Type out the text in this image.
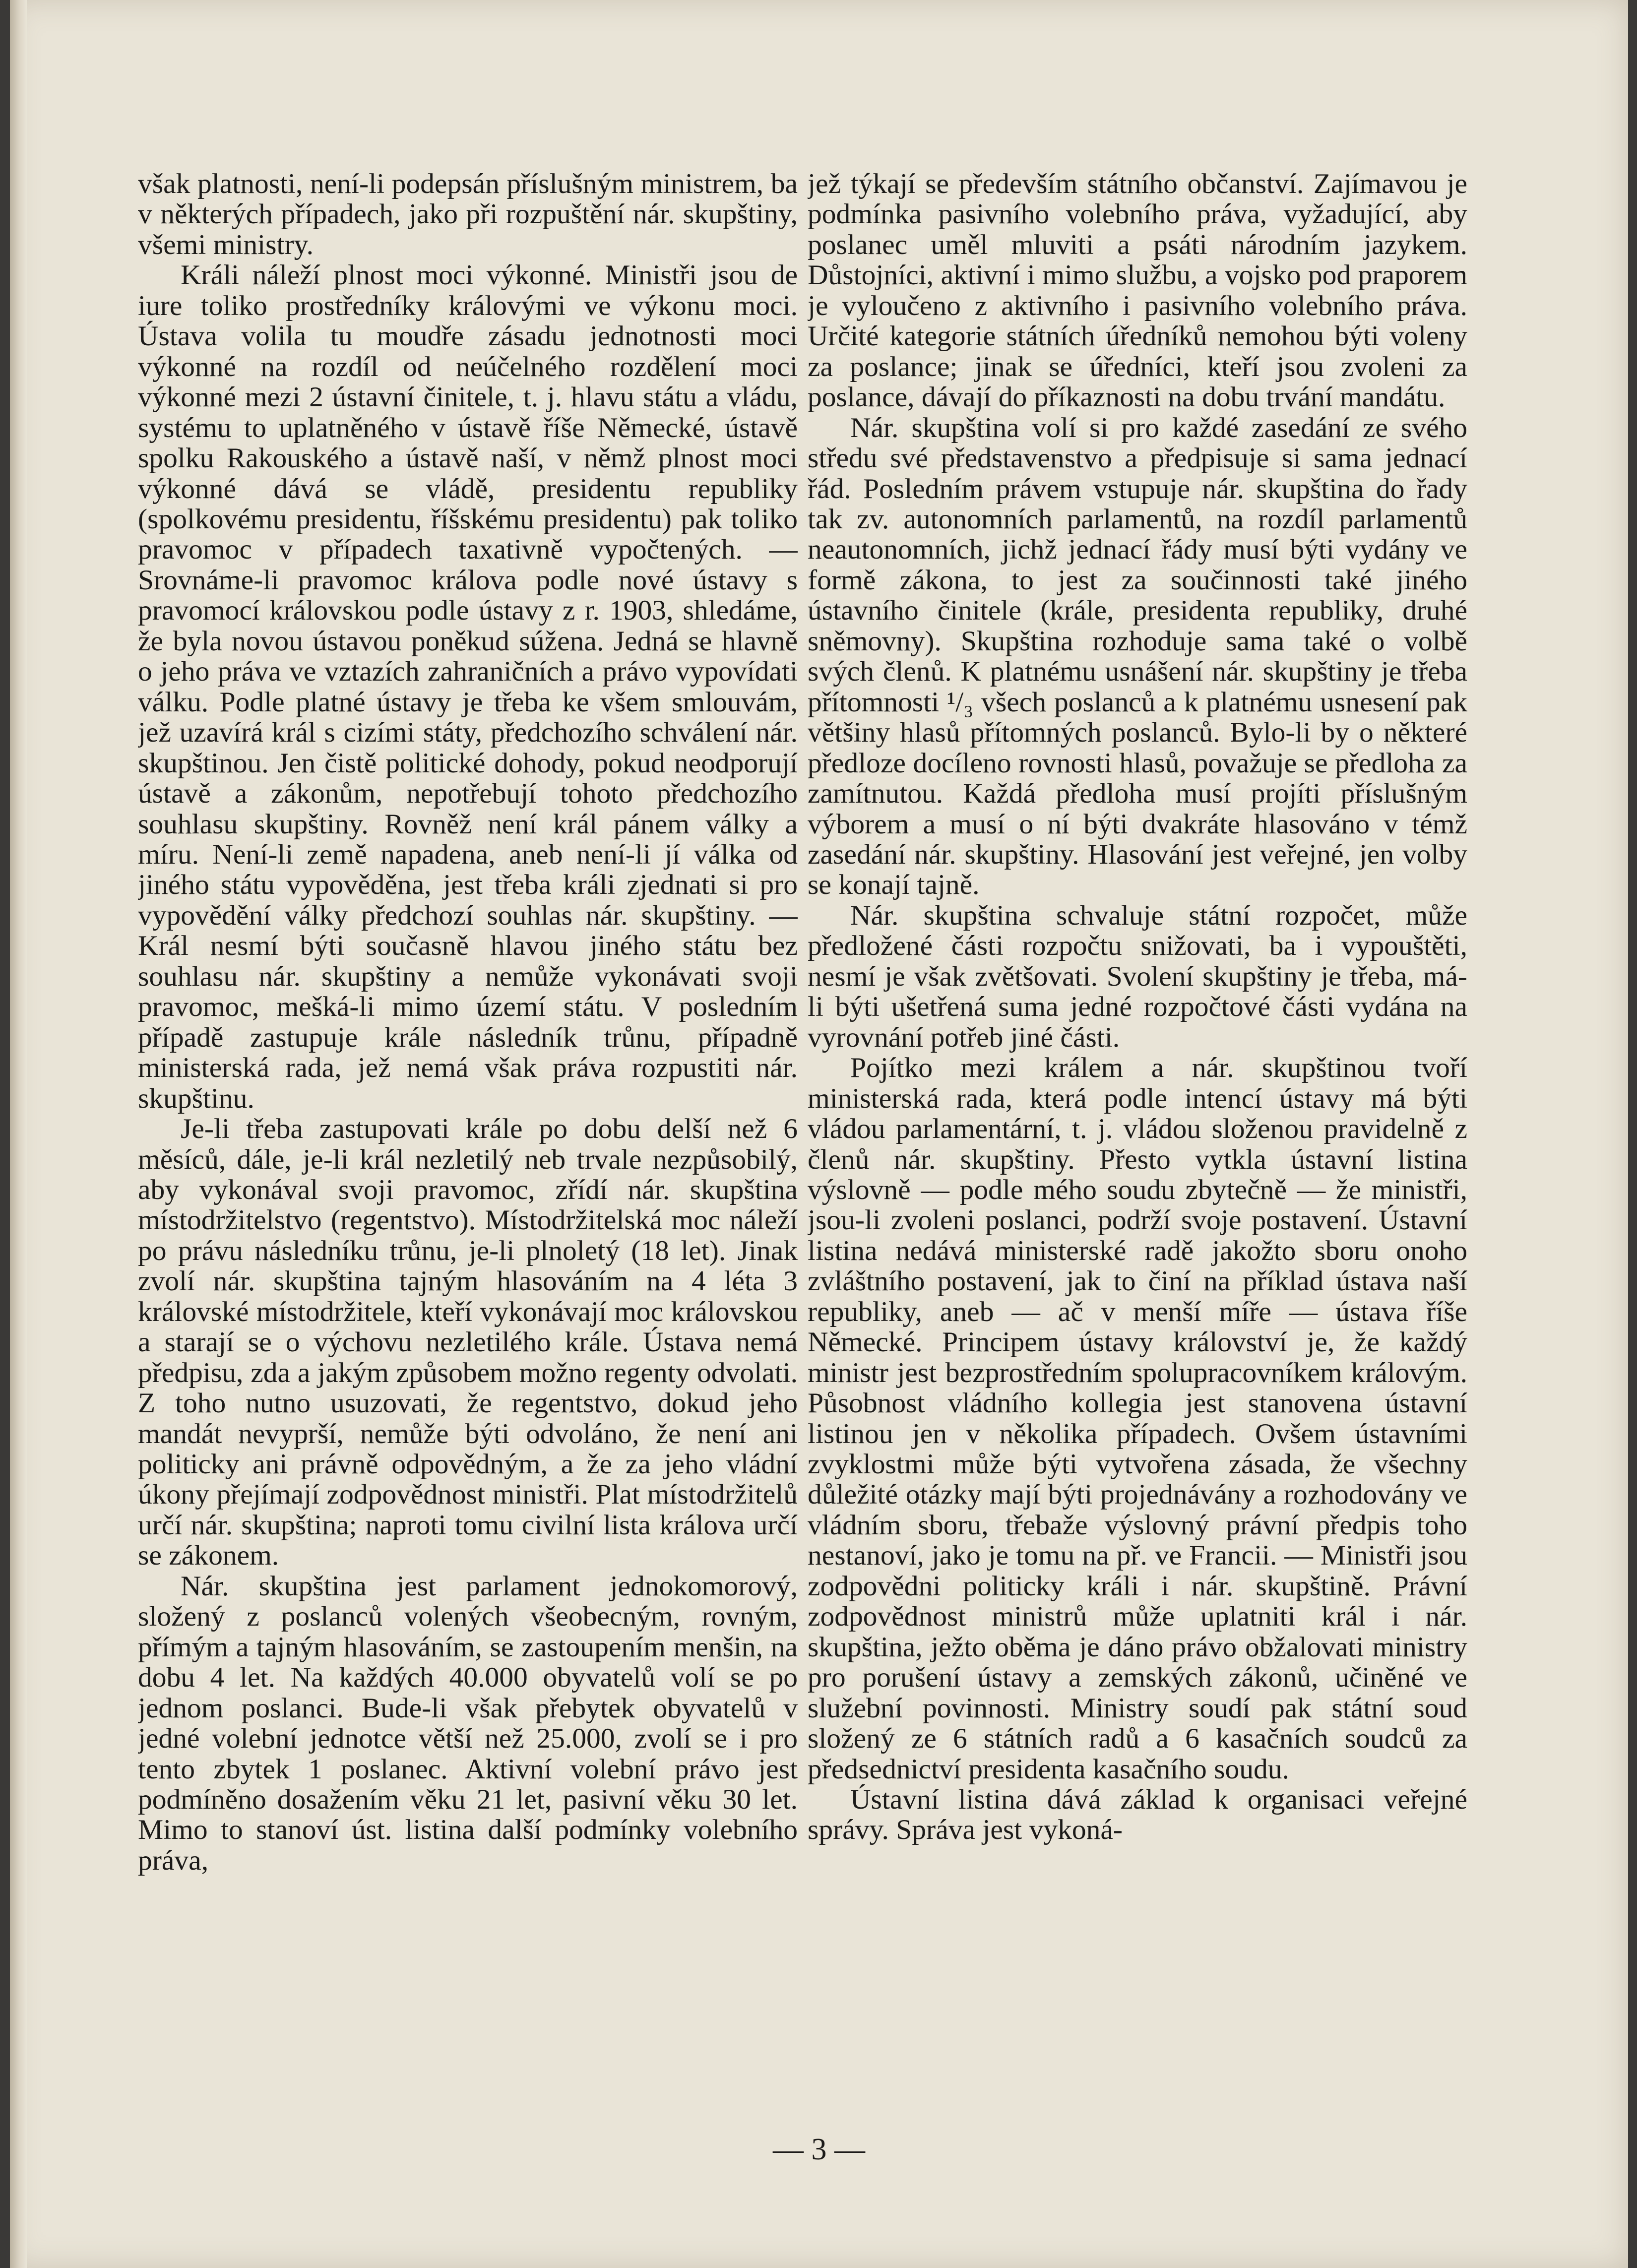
však platnosti, není-li podepsán příslušným ministrem, ba v některých případech, jako při rozpuštění nár. skupštiny, všemi ministry.

Králi náleží plnost moci výkonné. Ministři jsou de iure toliko prostředníky královými ve výkonu moci. Ústava volila tu moudře zásadu jednotnosti moci výkonné na rozdíl od neúčelného rozdělení moci výkonné mezi 2 ústavní činitele, t. j. hlavu státu a vládu, systému to uplatněného v ústavě říše Německé, ústavě spolku Rakouského a ústavě naší, v němž plnost moci výkonné dává se vládě, presidentu republiky (spolkovému presidentu, říšskému presidentu) pak toliko pravomoc v případech taxativně vypočtených. — Srovnáme-li pravomoc králova podle nové ústavy s pravomocí královskou podle ústavy z r. 1903, shledáme, že byla novou ústavou poněkud súžena. Jedná se hlavně o jeho práva ve vztazích zahraničních a právo vypovídati válku. Podle platné ústavy je třeba ke všem smlouvám, jež uzavírá král s cizími státy, předchozího schválení nár. skupštinou. Jen čistě politické dohody, pokud neodporují ústavě a zákonům, nepotřebují tohoto předchozího souhlasu skupštiny. Rovněž není král pánem války a míru. Není-li země napadena, aneb není-li jí válka od jiného státu vypověděna, jest třeba králi zjednati si pro vypovědění války předchozí souhlas nár. skupštiny. — Král nesmí býti současně hlavou jiného státu bez souhlasu nár. skupštiny a nemůže vykonávati svoji pravomoc, mešká-li mimo území státu. V posledním případě zastupuje krále následník trůnu, případně ministerská rada, jež nemá však práva rozpustiti nár. skupštinu.

Je-li třeba zastupovati krále po dobu delší než 6 měsíců, dále, je-li král nezletilý neb trvale nezpůsobilý, aby vykonával svoji pravomoc, zřídí nár. skupština místodržitelstvo (regentstvo). Místodržitelská moc náleží po právu následníku trůnu, je-li plnoletý (18 let). Jinak zvolí nár. skupština tajným hlasováním na 4 léta 3 královské místodržitele, kteří vykonávají moc královskou a starají se o výchovu nezletilého krále. Ústava nemá předpisu, zda a jakým způsobem možno regenty odvolati. Z toho nutno usuzovati, že regentstvo, dokud jeho mandát nevyprší, nemůže býti odvoláno, že není ani politicky ani právně odpovědným, a že za jeho vládní úkony přejímají zodpovědnost ministři. Plat místodržitelů určí nár. skupština; naproti tomu civilní lista králova určí se zákonem.

Nár. skupština jest parlament jednokomorový, složený z poslanců volených všeobecným, rovným, přímým a tajným hlasováním, se zastoupením menšin, na dobu 4 let. Na každých 40.000 obyvatelů volí se po jednom poslanci. Bude-li však přebytek obyvatelů v jedné volební jednotce větší než 25.000, zvolí se i pro tento zbytek 1 poslanec. Aktivní volební právo jest podmíněno dosažením věku 21 let, pasivní věku 30 let. Mimo to stanoví úst. listina další podmínky volebního práva,

jež týkají se především státního občanství. Zajímavou je podmínka pasivního volebního práva, vyžadující, aby poslanec uměl mluviti a psáti národním jazykem. Důstojníci, aktivní i mimo službu, a vojsko pod praporem je vyloučeno z aktivního i pasivního volebního práva. Určité kategorie státních úředníků nemohou býti voleny za poslance; jinak se úředníci, kteří jsou zvoleni za poslance, dávají do příkaznosti na dobu trvání mandátu.

Nár. skupština volí si pro každé zasedání ze svého středu své představenstvo a předpisuje si sama jednací řád. Posledním právem vstupuje nár. skupština do řady tak zv. autonomních parlamentů, na rozdíl parlamentů neautonomních, jichž jednací řády musí býti vydány ve formě zákona, to jest za součinnosti také jiného ústavního činitele (krále, presidenta republiky, druhé sněmovny). Skupština rozhoduje sama také o volbě svých členů. K platnému usnášení nár. skupštiny je třeba přítomnosti ¹/₃ všech poslanců a k platnému usnesení pak většiny hlasů přítomných poslanců. Bylo-li by o některé předloze docíleno rovnosti hlasů, považuje se předloha za zamítnutou. Každá předloha musí projíti příslušným výborem a musí o ní býti dvakráte hlasováno v témž zasedání nár. skupštiny. Hlasování jest veřejné, jen volby se konají tajně.

Nár. skupština schvaluje státní rozpočet, může předložené části rozpočtu snižovati, ba i vypouštěti, nesmí je však zvětšovati. Svolení skupštiny je třeba, má-li býti ušetřená suma jedné rozpočtové části vydána na vyrovnání potřeb jiné části.

Pojítko mezi králem a nár. skupštinou tvoří ministerská rada, která podle intencí ústavy má býti vládou parlamentární, t. j. vládou složenou pravidelně z členů nár. skupštiny. Přesto vytkla ústavní listina výslovně — podle mého soudu zbytečně — že ministři, jsou-li zvoleni poslanci, podrží svoje postavení. Ústavní listina nedává ministerské radě jakožto sboru onoho zvláštního postavení, jak to činí na příklad ústava naší republiky, aneb — ač v menší míře — ústava říše Německé. Principem ústavy království je, že každý ministr jest bezprostředním spolupracovníkem královým. Působnost vládního kollegia jest stanovena ústavní listinou jen v několika případech. Ovšem ústavními zvyklostmi může býti vytvořena zásada, že všechny důležité otázky mají býti projednávány a rozhodovány ve vládním sboru, třebaže výslovný právní předpis toho nestanoví, jako je tomu na př. ve Francii. — Ministři jsou zodpovědni politicky králi i nár. skupštině. Právní zodpovědnost ministrů může uplatniti král i nár. skupština, ježto oběma je dáno právo obžalovati ministry pro porušení ústavy a zemských zákonů, učiněné ve služební povinnosti. Ministry soudí pak státní soud složený ze 6 státních radů a 6 kasačních soudců za předsednictví presidenta kasačního soudu.

Ústavní listina dává základ k organisaci veřejné správy. Správa jest vykoná-

— 3 —
